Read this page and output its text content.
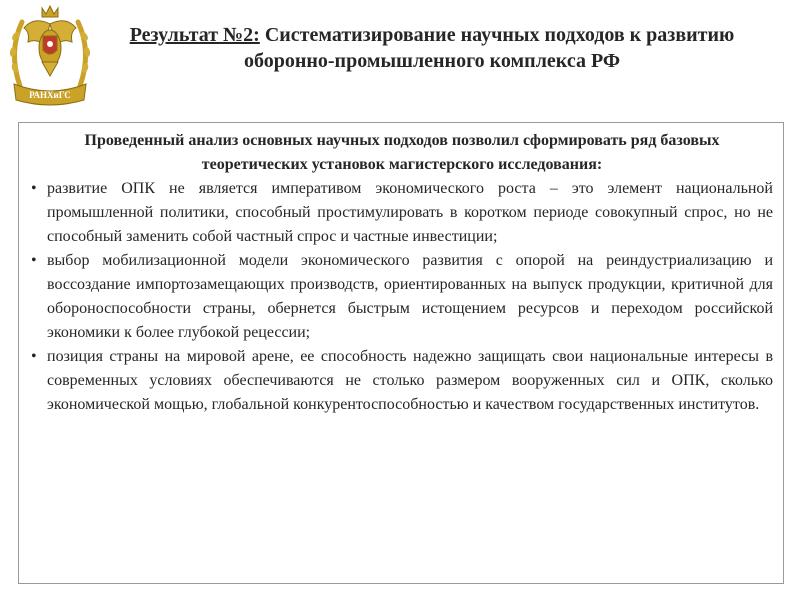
РАНХиГС
Результат №2: Систематизирование научных подходов к развитию оборонно-промышленного комплекса РФ

Проведенный анализ основных научных подходов позволил сформировать ряд базовых теоретических установок магистерского исследования:

• развитие ОПК не является императивом экономического роста – это элемент национальной промышленной политики, способный простимулировать в коротком периоде совокупный спрос, но не способный заменить собой частный спрос и частные инвестиции;
• выбор мобилизационной модели экономического развития с опорой на реиндустриализацию и воссоздание импортозамещающих производств, ориентированных на выпуск продукции, критичной для обороноспособности страны, обернется быстрым истощением ресурсов и переходом российской экономики к более глубокой рецессии;
• позиция страны на мировой арене, ее способность надежно защищать свои национальные интересы в современных условиях обеспечиваются не столько размером вооруженных сил и ОПК, сколько экономической мощью, глобальной конкурентоспособностью и качеством государственных институтов.
